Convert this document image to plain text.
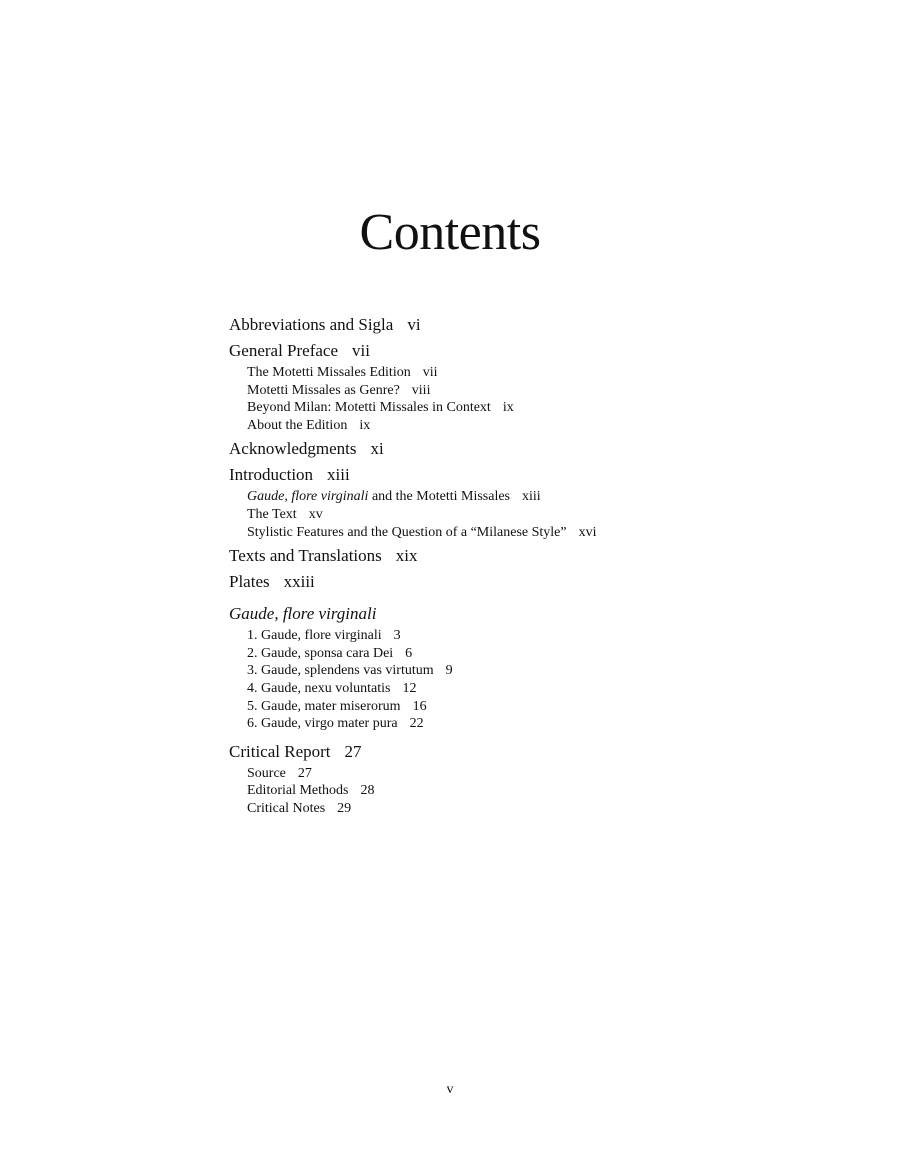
Contents
Abbreviations and Sigla vi
General Preface vii
The Motetti Missales Edition vii
Motetti Missales as Genre? viii
Beyond Milan: Motetti Missales in Context ix
About the Edition ix
Acknowledgments xi
Introduction xiii
Gaude, flore virginali and the Motetti Missales xiii
The Text xv
Stylistic Features and the Question of a “Milanese Style” xvi
Texts and Translations xix
Plates xxiii
Gaude, flore virginali
1. Gaude, flore virginali 3
2. Gaude, sponsa cara Dei 6
3. Gaude, splendens vas virtutum 9
4. Gaude, nexu voluntatis 12
5. Gaude, mater miserorum 16
6. Gaude, virgo mater pura 22
Critical Report 27
Source 27
Editorial Methods 28
Critical Notes 29
v
